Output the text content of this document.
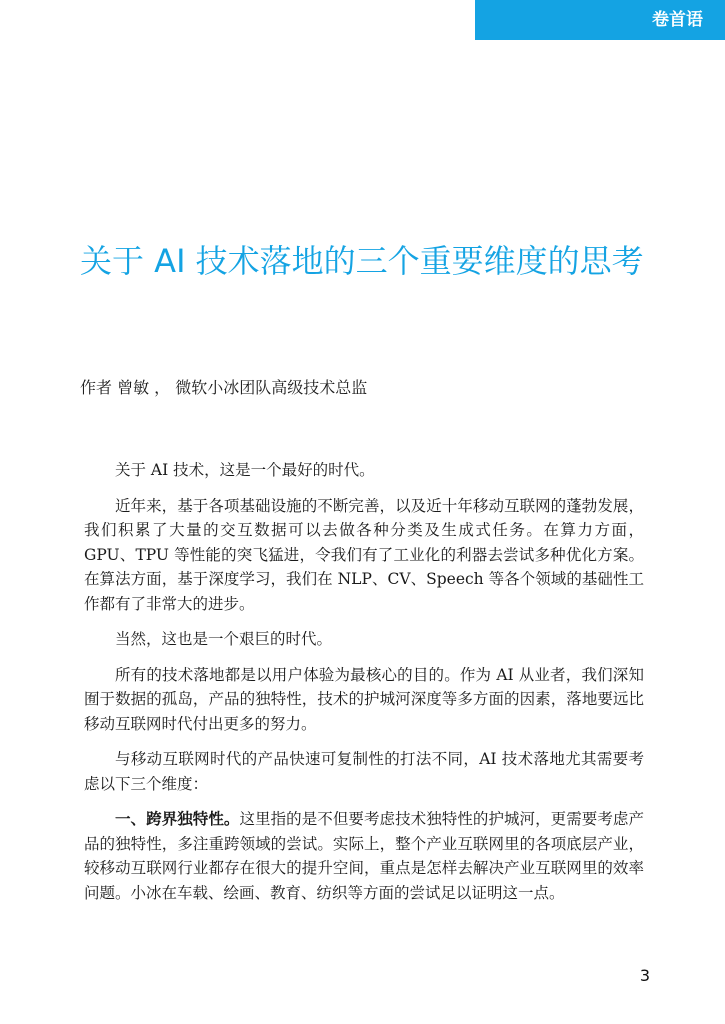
卷首语
关于 AI 技术落地的三个重要维度的思考

作者 曾敏 ， 微软小冰团队高级技术总监

关于 AI 技术，这是一个最好的时代。

近年来，基于各项基础设施的不断完善，以及近十年移动互联网的蓬勃发展，我们积累了大量的交互数据可以去做各种分类及生成式任务。在算力方面，GPU、TPU 等性能的突飞猛进，令我们有了工业化的利器去尝试多种优化方案。在算法方面，基于深度学习，我们在 NLP、CV、Speech 等各个领域的基础性工作都有了非常大的进步。

当然，这也是一个艰巨的时代。

所有的技术落地都是以用户体验为最核心的目的。作为 AI 从业者，我们深知囿于数据的孤岛，产品的独特性，技术的护城河深度等多方面的因素，落地要远比移动互联网时代付出更多的努力。

与移动互联网时代的产品快速可复制性的打法不同，AI 技术落地尤其需要考虑以下三个维度：

一、跨界独特性。这里指的是不但要考虑技术独特性的护城河，更需要考虑产品的独特性，多注重跨领域的尝试。实际上，整个产业互联网里的各项底层产业，较移动互联网行业都存在很大的提升空间，重点是怎样去解决产业互联网里的效率问题。小冰在车载、绘画、教育、纺织等方面的尝试足以证明这一点。

3
